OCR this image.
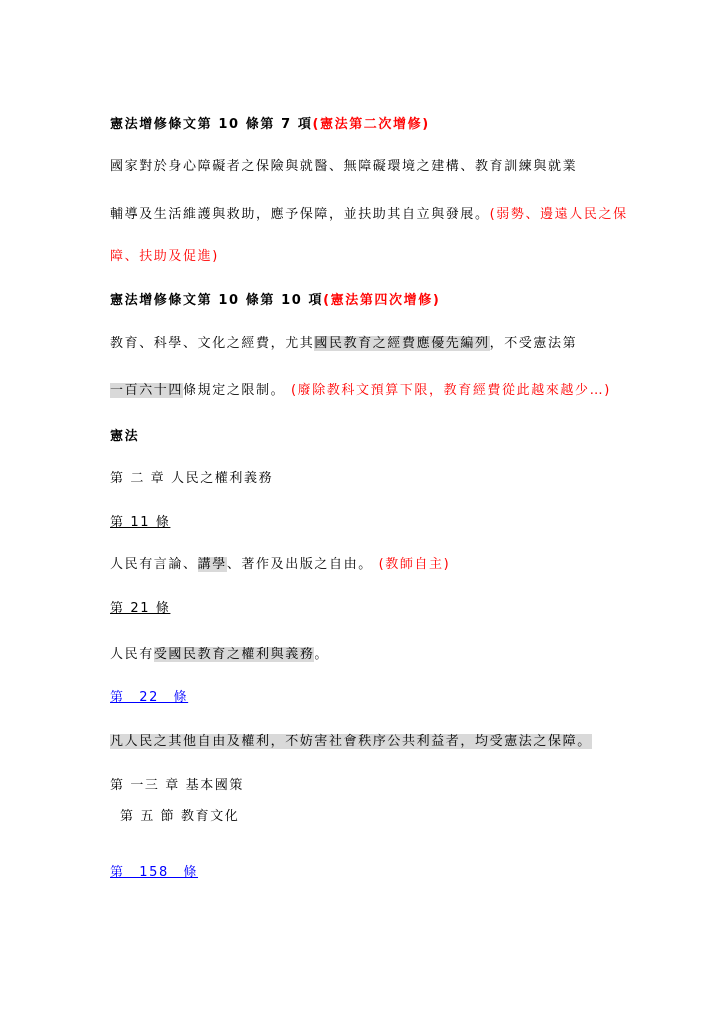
憲法增修條文第 10 條第 7 項(憲法第二次增修)
國家對於身心障礙者之保險與就醫、無障礙環境之建構、教育訓練與就業
輔導及生活維護與救助，應予保障，並扶助其自立與發展。(弱勢、邊遠人民之保
障、扶助及促進)
憲法增修條文第 10 條第 10 項(憲法第四次增修)
教育、科學、文化之經費，尤其國民教育之經費應優先編列，不受憲法第
一百六十四條規定之限制。 (廢除教科文預算下限，教育經費從此越來越少…)
憲法
第 二 章 人民之權利義務
第 11 條
人民有言論、講學、著作及出版之自由。 (教師自主)
第 21 條
人民有受國民教育之權利與義務。
第　22　條
凡人民之其他自由及權利，不妨害社會秩序公共利益者，均受憲法之保障。
第 一三 章 基本國策
第 五 節 教育文化
第　158　條
